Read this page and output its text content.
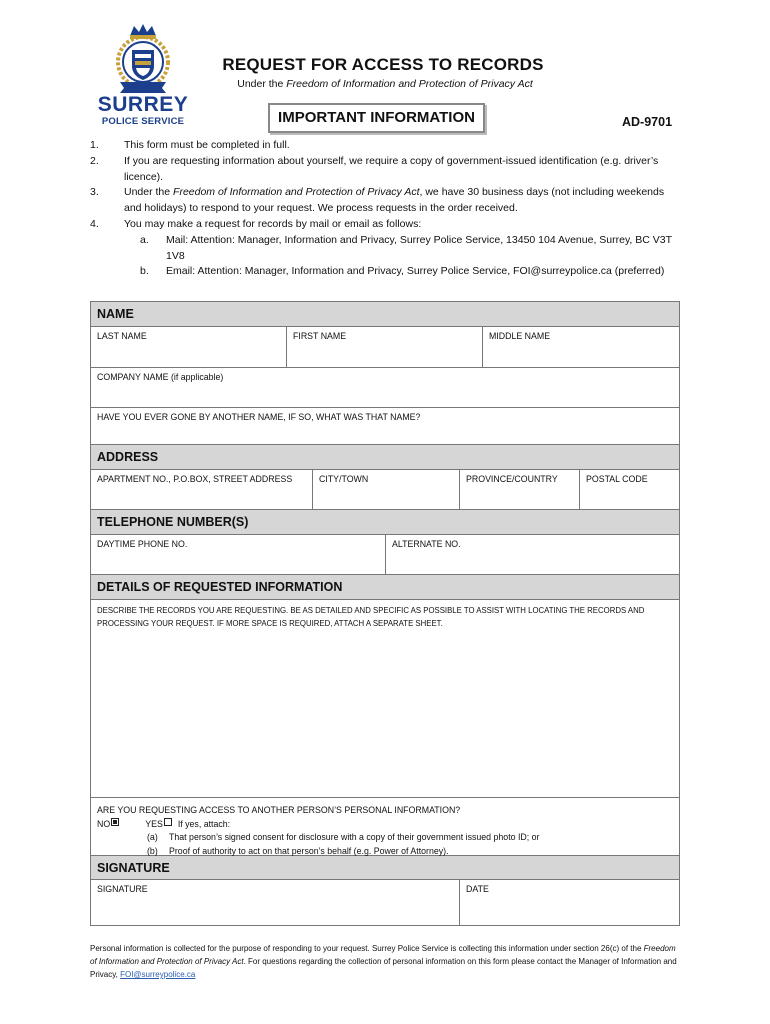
SURREY
POLICE SERVICE
REQUEST FOR ACCESS TO RECORDS
Under the Freedom of Information and Protection of Privacy Act
IMPORTANT INFORMATION	AD-9701
1.	This form must be completed in full.
2.	If you are requesting information about yourself, we require a copy of government-issued identification (e.g. driver’s licence).
3.	Under the Freedom of Information and Protection of Privacy Act, we have 30 business days (not including weekends and holidays) to respond to your request. We process requests in the order received.
4.	You may make a request for records by mail or email as follows:
a.	Mail: Attention: Manager, Information and Privacy, Surrey Police Service, 13450 104 Avenue, Surrey, BC V3T 1V8
b.	Email: Attention: Manager, Information and Privacy, Surrey Police Service, FOI@surreypolice.ca (preferred)
NAME
LAST NAME	FIRST NAME	MIDDLE NAME
COMPANY NAME (if applicable)
HAVE YOU EVER GONE BY ANOTHER NAME, IF SO, WHAT WAS THAT NAME?
ADDRESS
APARTMENT NO., P.O.BOX, STREET ADDRESS	CITY/TOWN	PROVINCE/COUNTRY	POSTAL CODE
TELEPHONE NUMBER(S)
DAYTIME PHONE NO.	ALTERNATE NO.
DETAILS OF REQUESTED INFORMATION
DESCRIBE THE RECORDS YOU ARE REQUESTING. BE AS DETAILED AND SPECIFIC AS POSSIBLE TO ASSIST WITH LOCATING THE RECORDS AND PROCESSING YOUR REQUEST. IF MORE SPACE IS REQUIRED, ATTACH A SEPARATE SHEET.
ARE YOU REQUESTING ACCESS TO ANOTHER PERSON’S PERSONAL INFORMATION?
NO	YES If yes, attach:
(a)	That person’s signed consent for disclosure with a copy of their government issued photo ID; or
(b)	Proof of authority to act on that person’s behalf (e.g. Power of Attorney).
SIGNATURE
SIGNATURE	DATE
Personal information is collected for the purpose of responding to your request. Surrey Police Service is collecting this information under section 26(c) of the Freedom of Information and Protection of Privacy Act. For questions regarding the collection of personal information on this form please contact the Manager of Information and Privacy, FOI@surreypolice.ca
